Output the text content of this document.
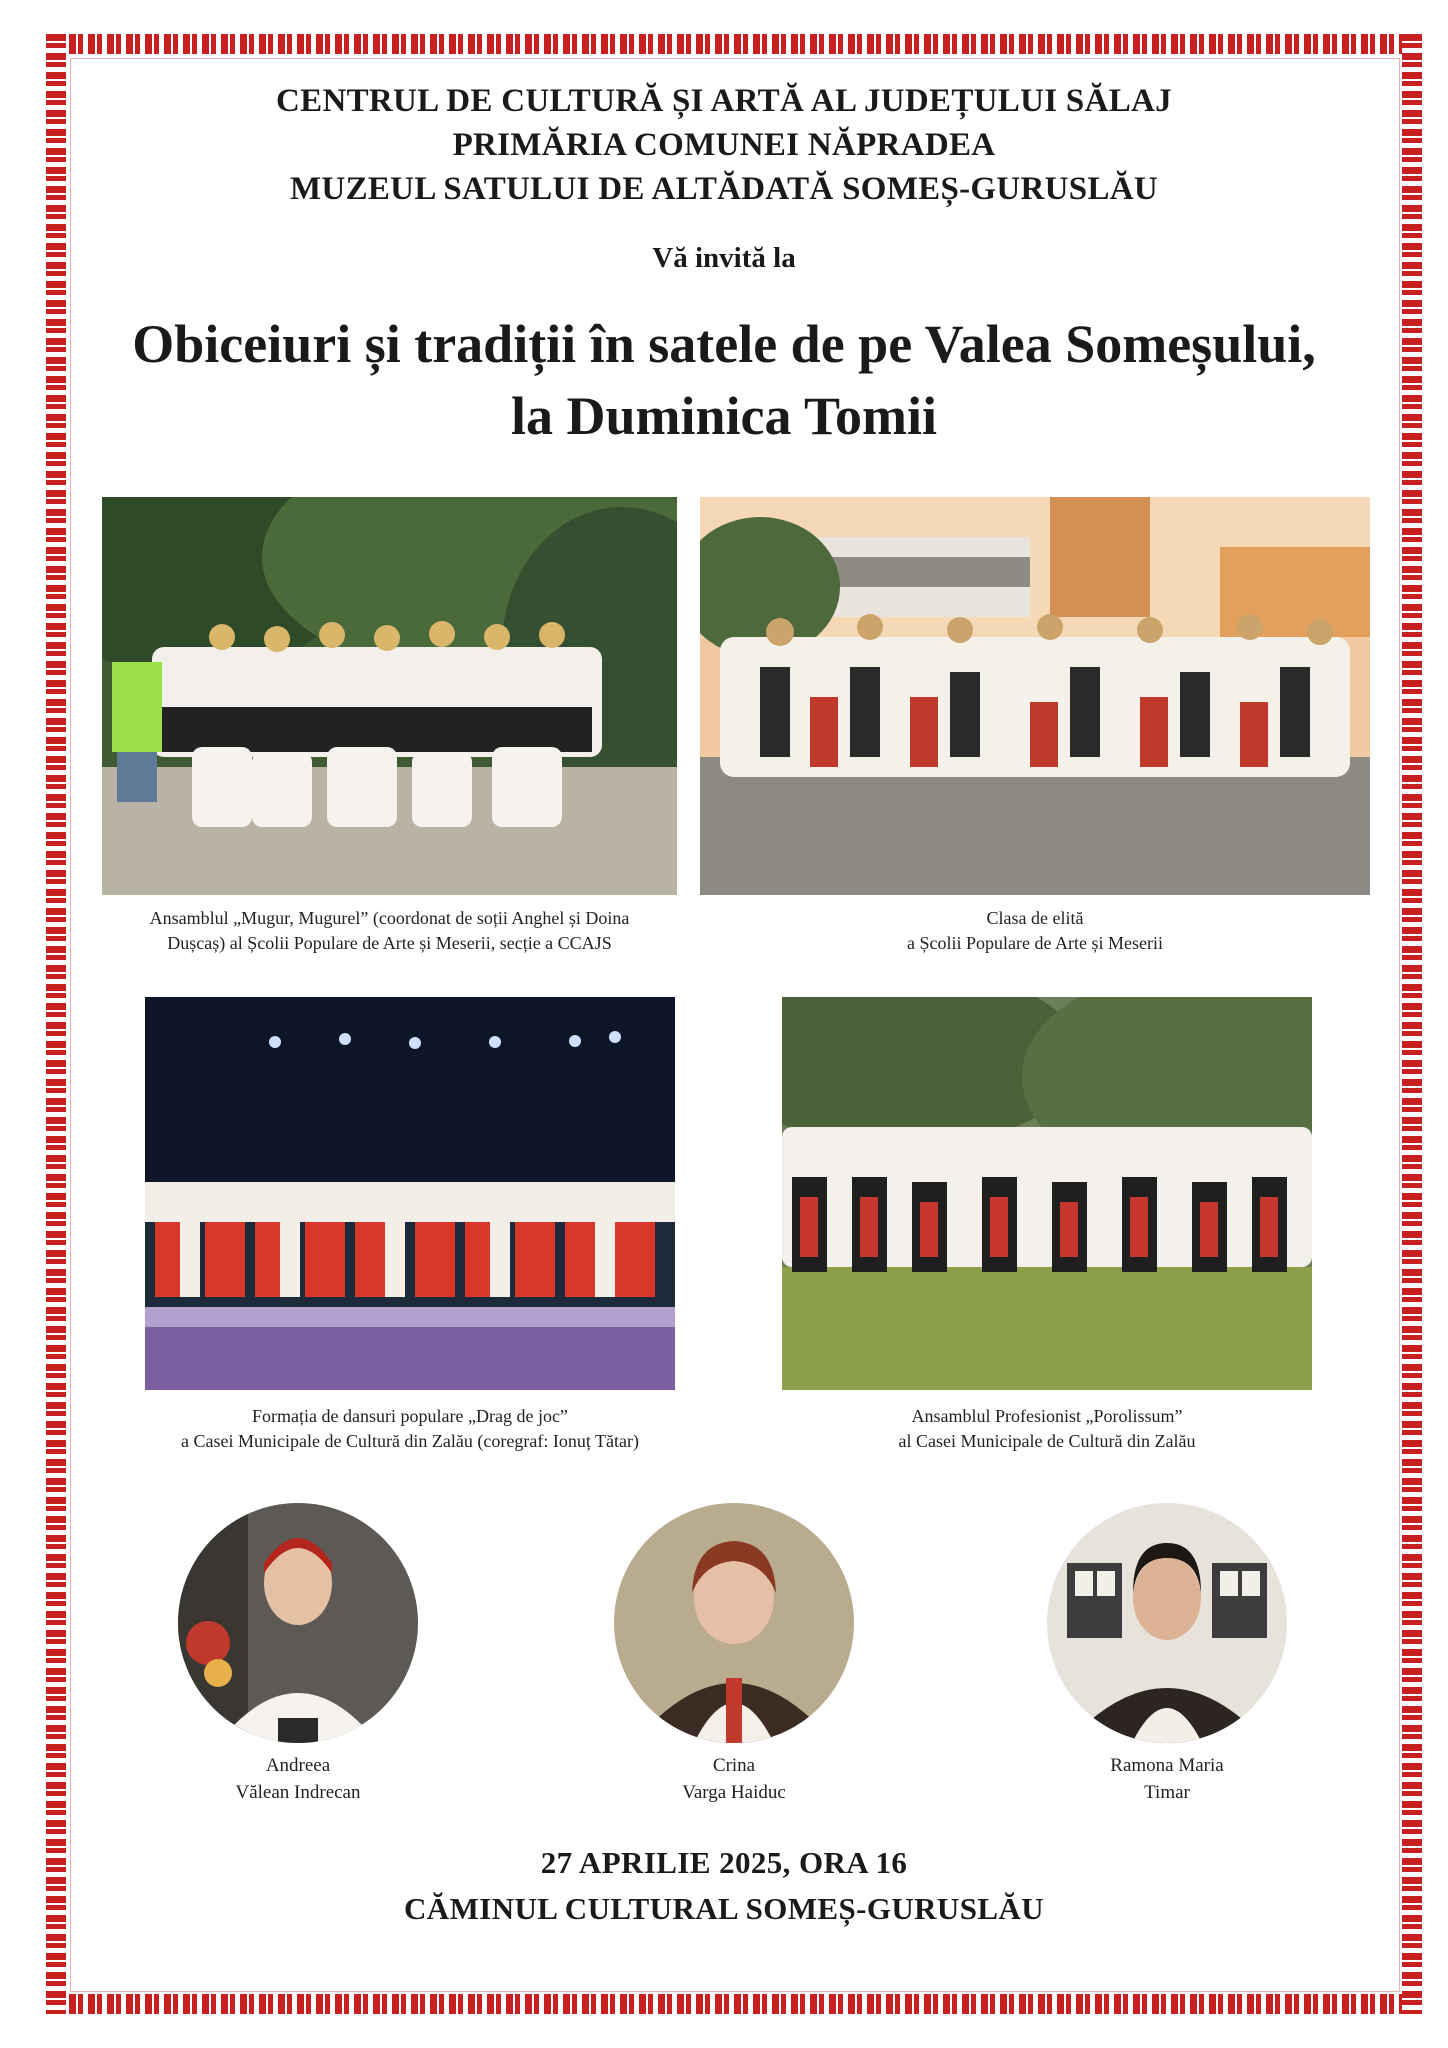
CENTRUL DE CULTURĂ ȘI ARTĂ AL JUDEȚULUI SĂLAJ
PRIMĂRIA COMUNEI NĂPRADEA
MUZEUL SATULUI DE ALTĂDATĂ SOMEȘ-GURUSLĂU
Vă invită la
Obiceiuri și tradiții în satele de pe Valea Someșului,
la Duminica Tomii
Ansamblul „Mugur, Mugurel” (coordonat de soții Anghel și Doina
Dușcaș) al Școlii Populare de Arte și Meserii, secție a CCAJS
Clasa de elită
a Școlii Populare de Arte și Meserii
Formația de dansuri populare „Drag de joc”
a Casei Municipale de Cultură din Zalău (coregraf: Ionuț Tătar)
Ansamblul Profesionist „Porolissum”
al Casei Municipale de Cultură din Zalău
Andreea
Vălean Indrecan
Crina
Varga Haiduc
Ramona Maria
Timar
27 APRILIE 2025, ORA 16
CĂMINUL CULTURAL SOMEȘ-GURUSLĂU
